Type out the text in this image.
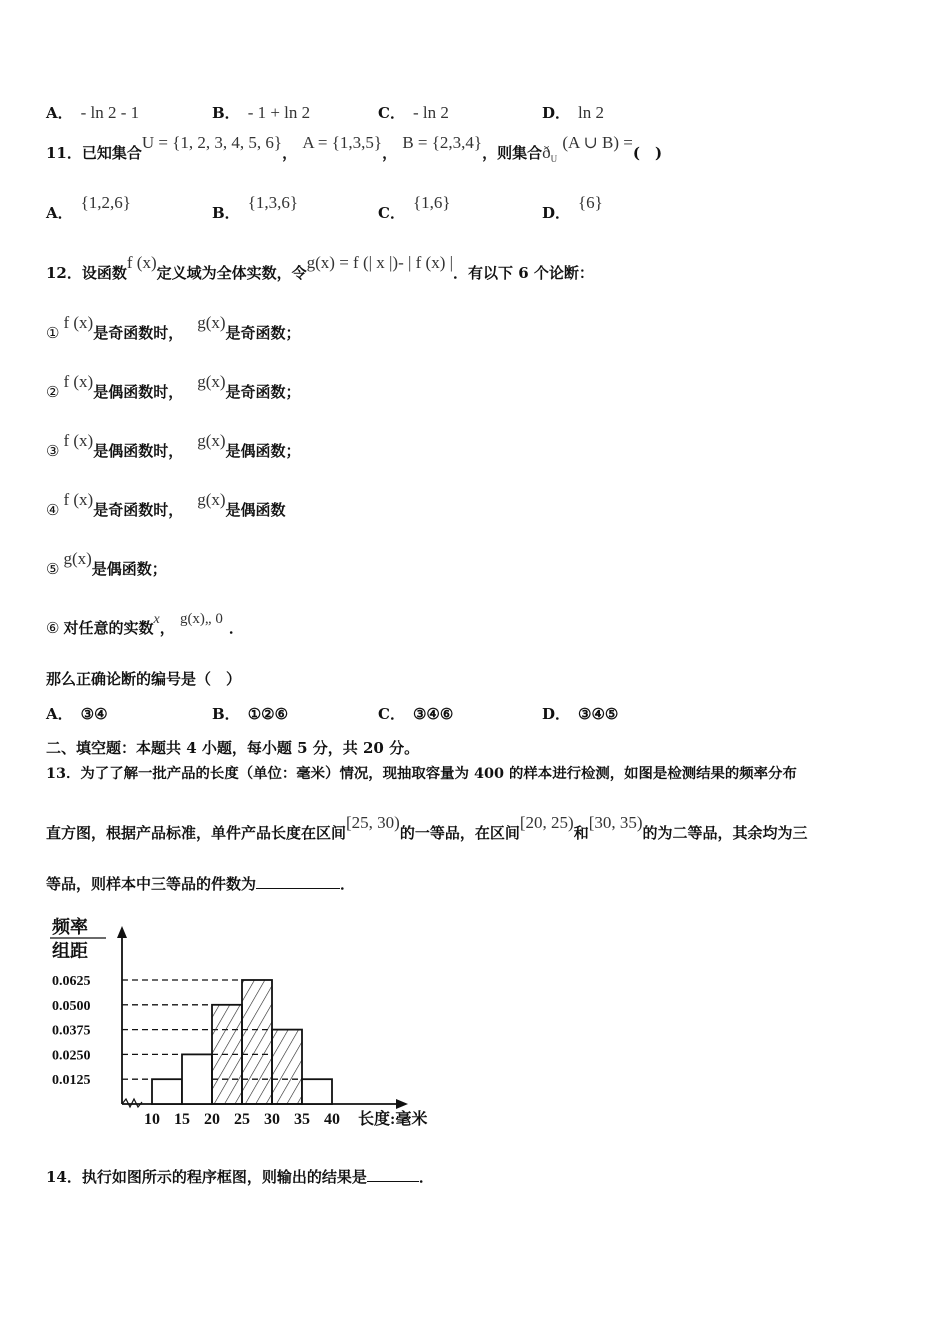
A． - ln 2 - 1	B． - 1 + ln 2	C． - ln 2	D． ln 2
11．已知集合U = {1, 2, 3, 4, 5, 6}， A = {1,3,5}， B = {2,3,4}，则集合$ð_U$ (A ∪ B) =(　)
A．{1,2,6}
B．{1,3,6}
C．{1,6}
D．{6}
12．设函数f (x)定义域为全体实数，令g(x) = f (| x |)- | f (x) |．有以下 6 个论断：
①f (x)是奇函数时，g(x)是奇函数；
②f (x)是偶函数时，g(x)是奇函数；
③f (x)是偶函数时，g(x)是偶函数；
④f (x)是奇函数时，g(x)是偶函数
⑤g(x)是偶函数；
⑥ 对任意的实数x， g(x)„ 0 ．
那么正确论断的编号是（　）
A． ③④	B． ①②⑥	C． ③④⑥	D． ③④⑤
二、填空题：本题共 4 小题，每小题 5 分，共 20 分。
13．为了了解一批产品的长度（单位：毫米）情况，现抽取容量为 400 的样本进行检测，如图是检测结果的频率分布
直方图，根据产品标准，单件产品长度在区间[25, 30)的一等品，在区间[20, 25)和[30, 35)的为二等品，其余均为三
等品，则样本中三等品的件数为	．
频率
组距
长度:毫米
0.0625
0.0500
0.0375
0.0250
0.0125
10 15 20 25 30 35 40
14．执行如图所示的程序框图，则输出的结果是	．
